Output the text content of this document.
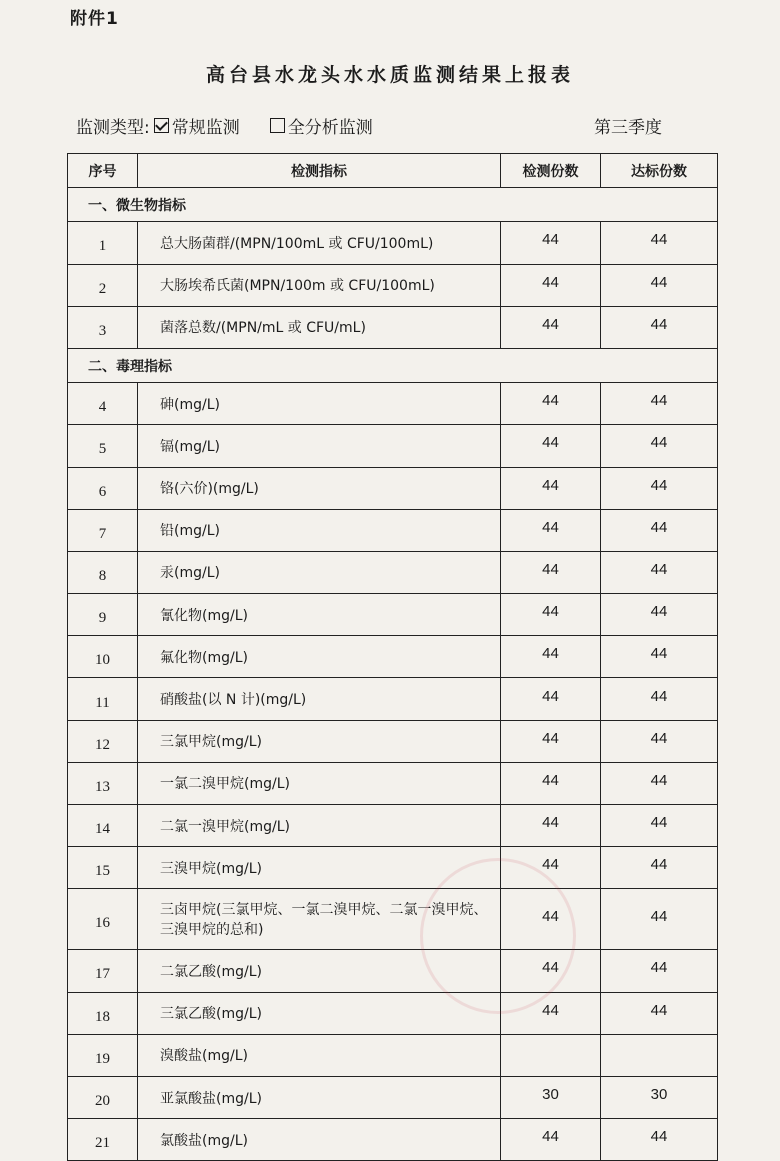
附件1
高台县水龙头水水质监测结果上报表
监测类型: 常规监测	全分析监测	第三季度
序号	检测指标	检测份数	达标份数
一、微生物指标			
1	总大肠菌群/(MPN/100mL 或 CFU/100mL)	44	44
2	大肠埃希氏菌(MPN/100m 或 CFU/100mL)	44	44
3	菌落总数/(MPN/mL 或 CFU/mL)	44	44
二、毒理指标			
4	砷(mg/L)	44	44
5	镉(mg/L)	44	44
6	铬(六价)(mg/L)	44	44
7	铅(mg/L)	44	44
8	汞(mg/L)	44	44
9	氰化物(mg/L)	44	44
10	氟化物(mg/L)	44	44
11	硝酸盐(以 N 计)(mg/L)	44	44
12	三氯甲烷(mg/L)	44	44
13	一氯二溴甲烷(mg/L)	44	44
14	二氯一溴甲烷(mg/L)	44	44
15	三溴甲烷(mg/L)	44	44
16	三卤甲烷(三氯甲烷、一氯二溴甲烷、二氯一溴甲烷、三溴甲烷的总和)	44	44
17	二氯乙酸(mg/L)	44	44
18	三氯乙酸(mg/L)	44	44
19	溴酸盐(mg/L)		
20	亚氯酸盐(mg/L)	30	30
21	氯酸盐(mg/L)	44	44
